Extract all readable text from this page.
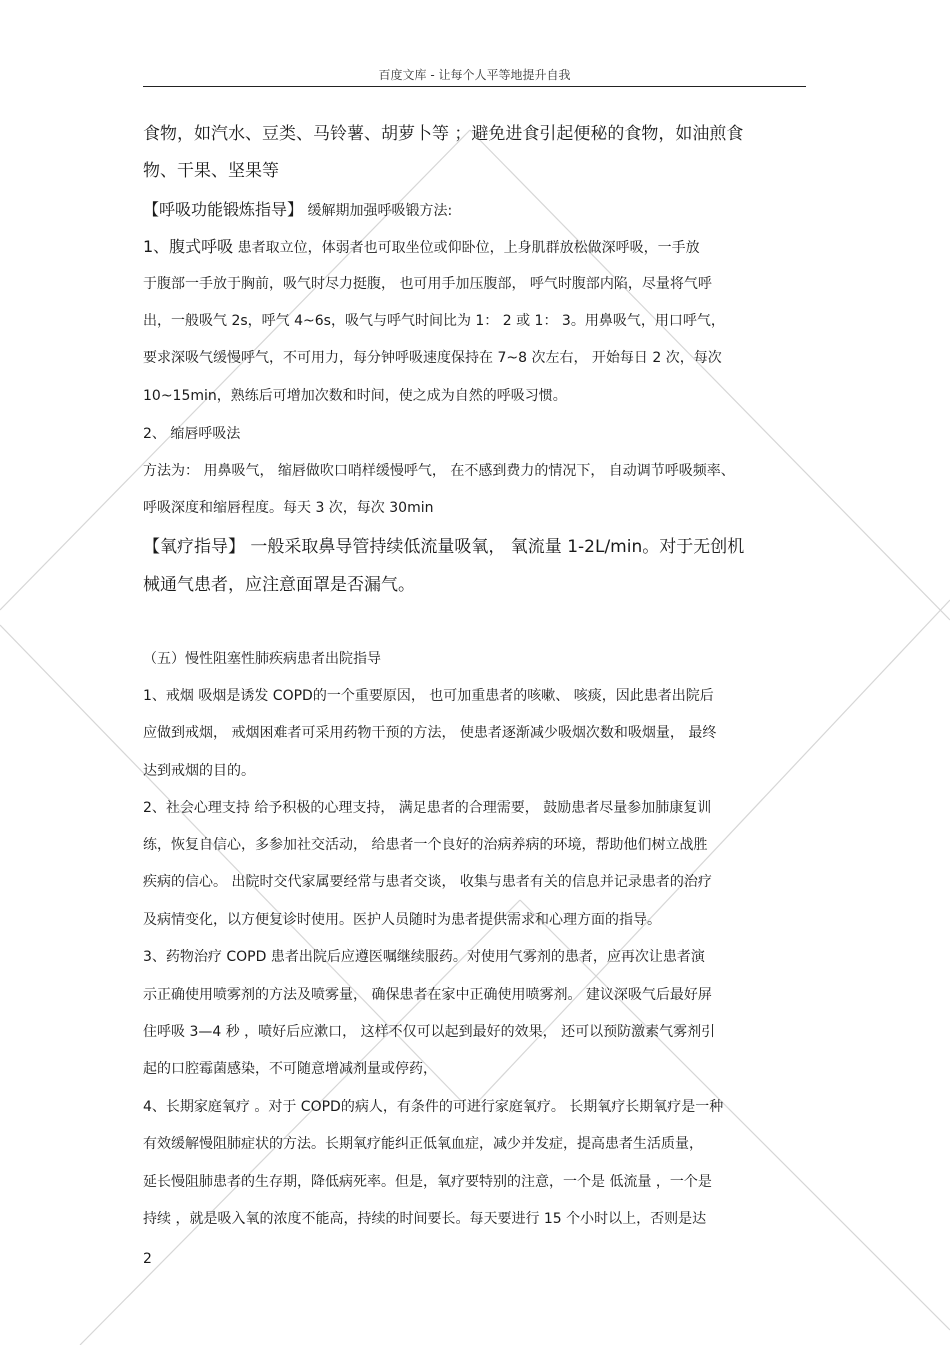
百度文库 - 让每个人平等地提升自我
食物，如汽水、豆类、马铃薯、胡萝卜等 ；避免进食引起便秘的食物，如油煎食
物、干果、坚果等
【呼吸功能锻炼指导】 缓解期加强呼吸锻方法:
1、腹式呼吸 患者取立位，体弱者也可取坐位或仰卧位，上身肌群放松做深呼吸，一手放
于腹部一手放于胸前，吸气时尽力挺腹， 也可用手加压腹部， 呼气时腹部内陷，尽量将气呼
出，一般吸气 2s，呼气 4~6s，吸气与呼气时间比为 1： 2 或 1： 3。用鼻吸气，用口呼气，
要求深吸气缓慢呼气，不可用力，每分钟呼吸速度保持在 7~8 次左右， 开始每日 2 次，每次
10~15min，熟练后可增加次数和时间，使之成为自然的呼吸习惯。
2、 缩唇呼吸法
方法为： 用鼻吸气， 缩唇做吹口哨样缓慢呼气， 在不感到费力的情况下， 自动调节呼吸频率、
呼吸深度和缩唇程度。每天 3 次，每次 30min
【氧疗指导】 一般采取鼻导管持续低流量吸氧， 氧流量 1-2L/min。对于无创机
械通气患者，应注意面罩是否漏气。
（五）慢性阻塞性肺疾病患者出院指导
1、戒烟 吸烟是诱发 COPD的一个重要原因， 也可加重患者的咳嗽、 咳痰，因此患者出院后
应做到戒烟， 戒烟困难者可采用药物干预的方法， 使患者逐渐减少吸烟次数和吸烟量， 最终
达到戒烟的目的。
2、社会心理支持 给予积极的心理支持， 满足患者的合理需要， 鼓励患者尽量参加肺康复训
练，恢复自信心，多参加社交活动， 给患者一个良好的治病养病的环境，帮助他们树立战胜
疾病的信心。 出院时交代家属要经常与患者交谈， 收集与患者有关的信息并记录患者的治疗
及病情变化，以方便复诊时使用。医护人员随时为患者提供需求和心理方面的指导。
3、药物治疗 COPD 患者出院后应遵医嘱继续服药。对使用气雾剂的患者，应再次让患者演
示正确使用喷雾剂的方法及喷雾量， 确保患者在家中正确使用喷雾剂。 建议深吸气后最好屏
住呼吸 3—4 秒 ，喷好后应漱口， 这样不仅可以起到最好的效果， 还可以预防激素气雾剂引
起的口腔霉菌感染，不可随意增减剂量或停药，
4、长期家庭氧疗 。对于 COPD的病人，有条件的可进行家庭氧疗。 长期氧疗长期氧疗是一种
有效缓解慢阻肺症状的方法。长期氧疗能纠正低氧血症，减少并发症，提高患者生活质量，
延长慢阻肺患者的生存期，降低病死率。但是，氧疗要特别的注意，一个是 低流量 ，一个是
持续 ，就是吸入氧的浓度不能高，持续的时间要长。每天要进行 15 个小时以上，否则是达
2
